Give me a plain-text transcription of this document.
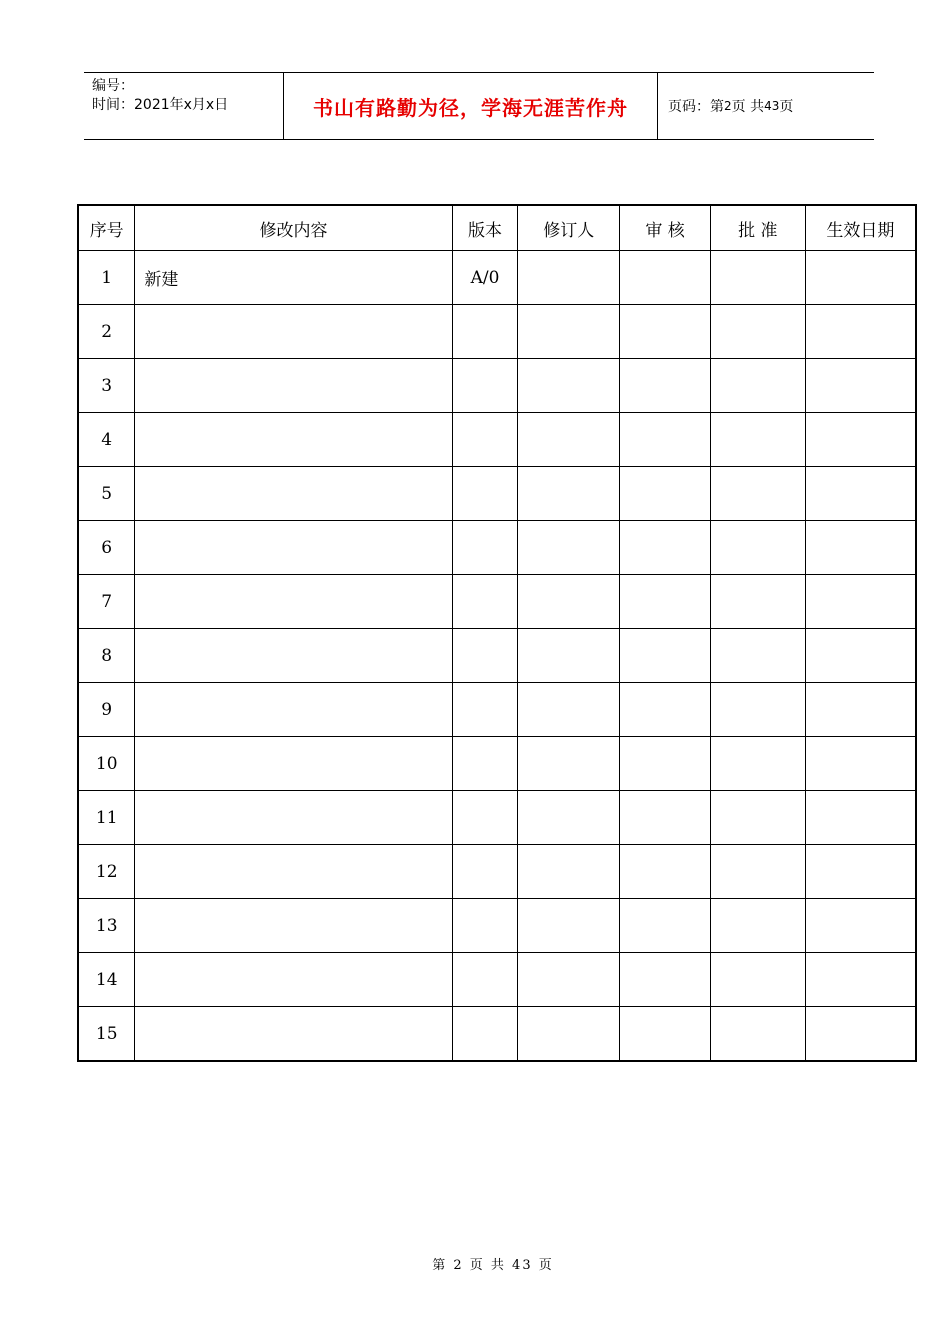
编号：
时间：2021年x月x日	书山有路勤为径，学海无涯苦作舟	页码：第 2 页 共 43 页
序号	修改内容	版本	修订人	审 核	批 准	生效日期
1	新建	A/0				
2						
3						
4						
5						
6						
7						
8						
9						
10						
11						
12						
13						
14						
15						
第 2 页 共 43 页
